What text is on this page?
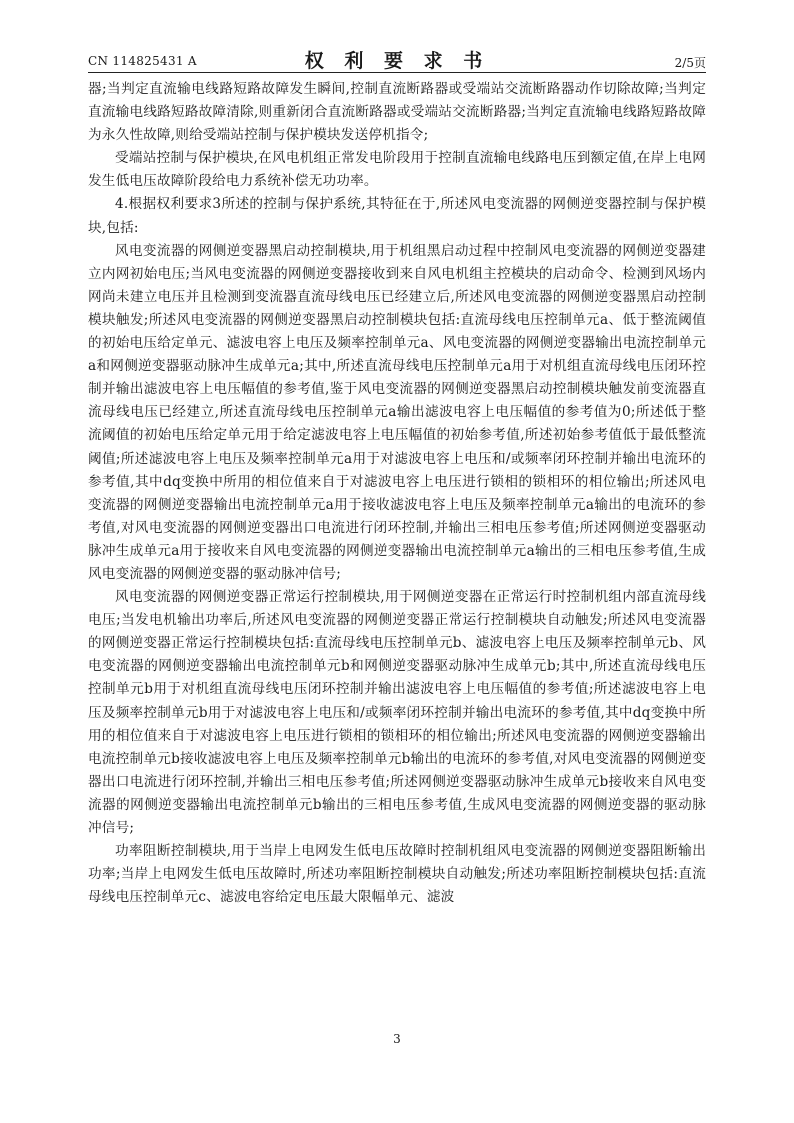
CN 114825431 A	权 利 要 求 书	2/5页

器;当判定直流输电线路短路故障发生瞬间,控制直流断路器或受端站交流断路器动作切除故障;当判定直流输电线路短路故障清除,则重新闭合直流断路器或受端站交流断路器;当判定直流输电线路短路故障为永久性故障,则给受端站控制与保护模块发送停机指令;

受端站控制与保护模块,在风电机组正常发电阶段用于控制直流输电线路电压到额定值,在岸上电网发生低电压故障阶段给电力系统补偿无功功率。

4.根据权利要求3所述的控制与保护系统,其特征在于,所述风电变流器的网侧逆变器控制与保护模块,包括:

风电变流器的网侧逆变器黑启动控制模块,用于机组黑启动过程中控制风电变流器的网侧逆变器建立内网初始电压;当风电变流器的网侧逆变器接收到来自风电机组主控模块的启动命令、检测到风场内网尚未建立电压并且检测到变流器直流母线电压已经建立后,所述风电变流器的网侧逆变器黑启动控制模块触发;所述风电变流器的网侧逆变器黑启动控制模块包括:直流母线电压控制单元a、低于整流阈值的初始电压给定单元、滤波电容上电压及频率控制单元a、风电变流器的网侧逆变器输出电流控制单元a和网侧逆变器驱动脉冲生成单元a;其中,所述直流母线电压控制单元a用于对机组直流母线电压闭环控制并输出滤波电容上电压幅值的参考值,鉴于风电变流器的网侧逆变器黑启动控制模块触发前变流器直流母线电压已经建立,所述直流母线电压控制单元a输出滤波电容上电压幅值的参考值为0;所述低于整流阈值的初始电压给定单元用于给定滤波电容上电压幅值的初始参考值,所述初始参考值低于最低整流阈值;所述滤波电容上电压及频率控制单元a用于对滤波电容上电压和/或频率闭环控制并输出电流环的参考值,其中dq变换中所用的相位值来自于对滤波电容上电压进行锁相的锁相环的相位输出;所述风电变流器的网侧逆变器输出电流控制单元a用于接收滤波电容上电压及频率控制单元a输出的电流环的参考值,对风电变流器的网侧逆变器出口电流进行闭环控制,并输出三相电压参考值;所述网侧逆变器驱动脉冲生成单元a用于接收来自风电变流器的网侧逆变器输出电流控制单元a输出的三相电压参考值,生成风电变流器的网侧逆变器的驱动脉冲信号;

风电变流器的网侧逆变器正常运行控制模块,用于网侧逆变器在正常运行时控制机组内部直流母线电压;当发电机输出功率后,所述风电变流器的网侧逆变器正常运行控制模块自动触发;所述风电变流器的网侧逆变器正常运行控制模块包括:直流母线电压控制单元b、滤波电容上电压及频率控制单元b、风电变流器的网侧逆变器输出电流控制单元b和网侧逆变器驱动脉冲生成单元b;其中,所述直流母线电压控制单元b用于对机组直流母线电压闭环控制并输出滤波电容上电压幅值的参考值;所述滤波电容上电压及频率控制单元b用于对滤波电容上电压和/或频率闭环控制并输出电流环的参考值,其中dq变换中所用的相位值来自于对滤波电容上电压进行锁相的锁相环的相位输出;所述风电变流器的网侧逆变器输出电流控制单元b接收滤波电容上电压及频率控制单元b输出的电流环的参考值,对风电变流器的网侧逆变器出口电流进行闭环控制,并输出三相电压参考值;所述网侧逆变器驱动脉冲生成单元b接收来自风电变流器的网侧逆变器输出电流控制单元b输出的三相电压参考值,生成风电变流器的网侧逆变器的驱动脉冲信号;

功率阻断控制模块,用于当岸上电网发生低电压故障时控制机组风电变流器的网侧逆变器阻断输出功率;当岸上电网发生低电压故障时,所述功率阻断控制模块自动触发;所述功率阻断控制模块包括:直流母线电压控制单元c、滤波电容给定电压最大限幅单元、滤波

3
